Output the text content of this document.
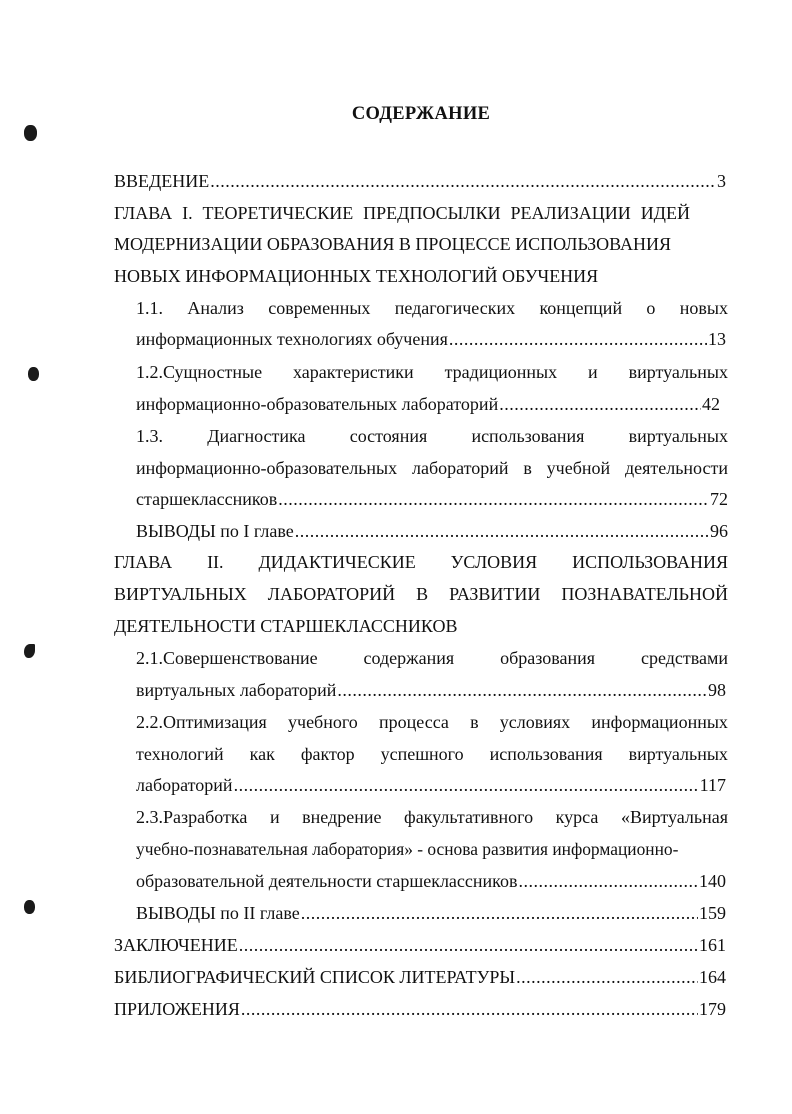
СОДЕРЖАНИЕ
ВВЕДЕНИЕ .....	3
ГЛАВА I. ТЕОРЕТИЧЕСКИЕ ПРЕДПОСЫЛКИ РЕАЛИЗАЦИИ ИДЕЙ
МОДЕРНИЗАЦИИ ОБРАЗОВАНИЯ В ПРОЦЕССЕ ИСПОЛЬЗОВАНИЯ
НОВЫХ ИНФОРМАЦИОННЫХ ТЕХНОЛОГИЙ ОБУЧЕНИЯ
1.1. Анализ современных педагогических концепций о новых
информационных технологиях обучения .....	13
1.2.Сущностные характеристики традиционных и виртуальных
информационно-образовательных лабораторий .....	42
1.3. Диагностика состояния использования виртуальных
информационно-образовательных лабораторий в учебной деятельности
старшеклассников .....	72
ВЫВОДЫ по I главе .....	96
ГЛАВА II. ДИДАКТИЧЕСКИЕ УСЛОВИЯ ИСПОЛЬЗОВАНИЯ
ВИРТУАЛЬНЫХ ЛАБОРАТОРИЙ В РАЗВИТИИ ПОЗНАВАТЕЛЬНОЙ
ДЕЯТЕЛЬНОСТИ СТАРШЕКЛАССНИКОВ
2.1.Совершенствование	содержания	образования	средствами
виртуальных лабораторий .....	98
2.2.Оптимизация учебного процесса в условиях информационных
технологий как фактор успешного использования виртуальных
лабораторий .....	117
2.3.Разработка и внедрение факультативного курса «Виртуальная
учебно-познавательная лаборатория» - основа развития информационно-
образовательной деятельности старшеклассников .....	140
ВЫВОДЫ по II главе .....	159
ЗАКЛЮЧЕНИЕ .....	161
БИБЛИОГРАФИЧЕСКИЙ СПИСОК ЛИТЕРАТУРЫ .....	164
ПРИЛОЖЕНИЯ .....	179
